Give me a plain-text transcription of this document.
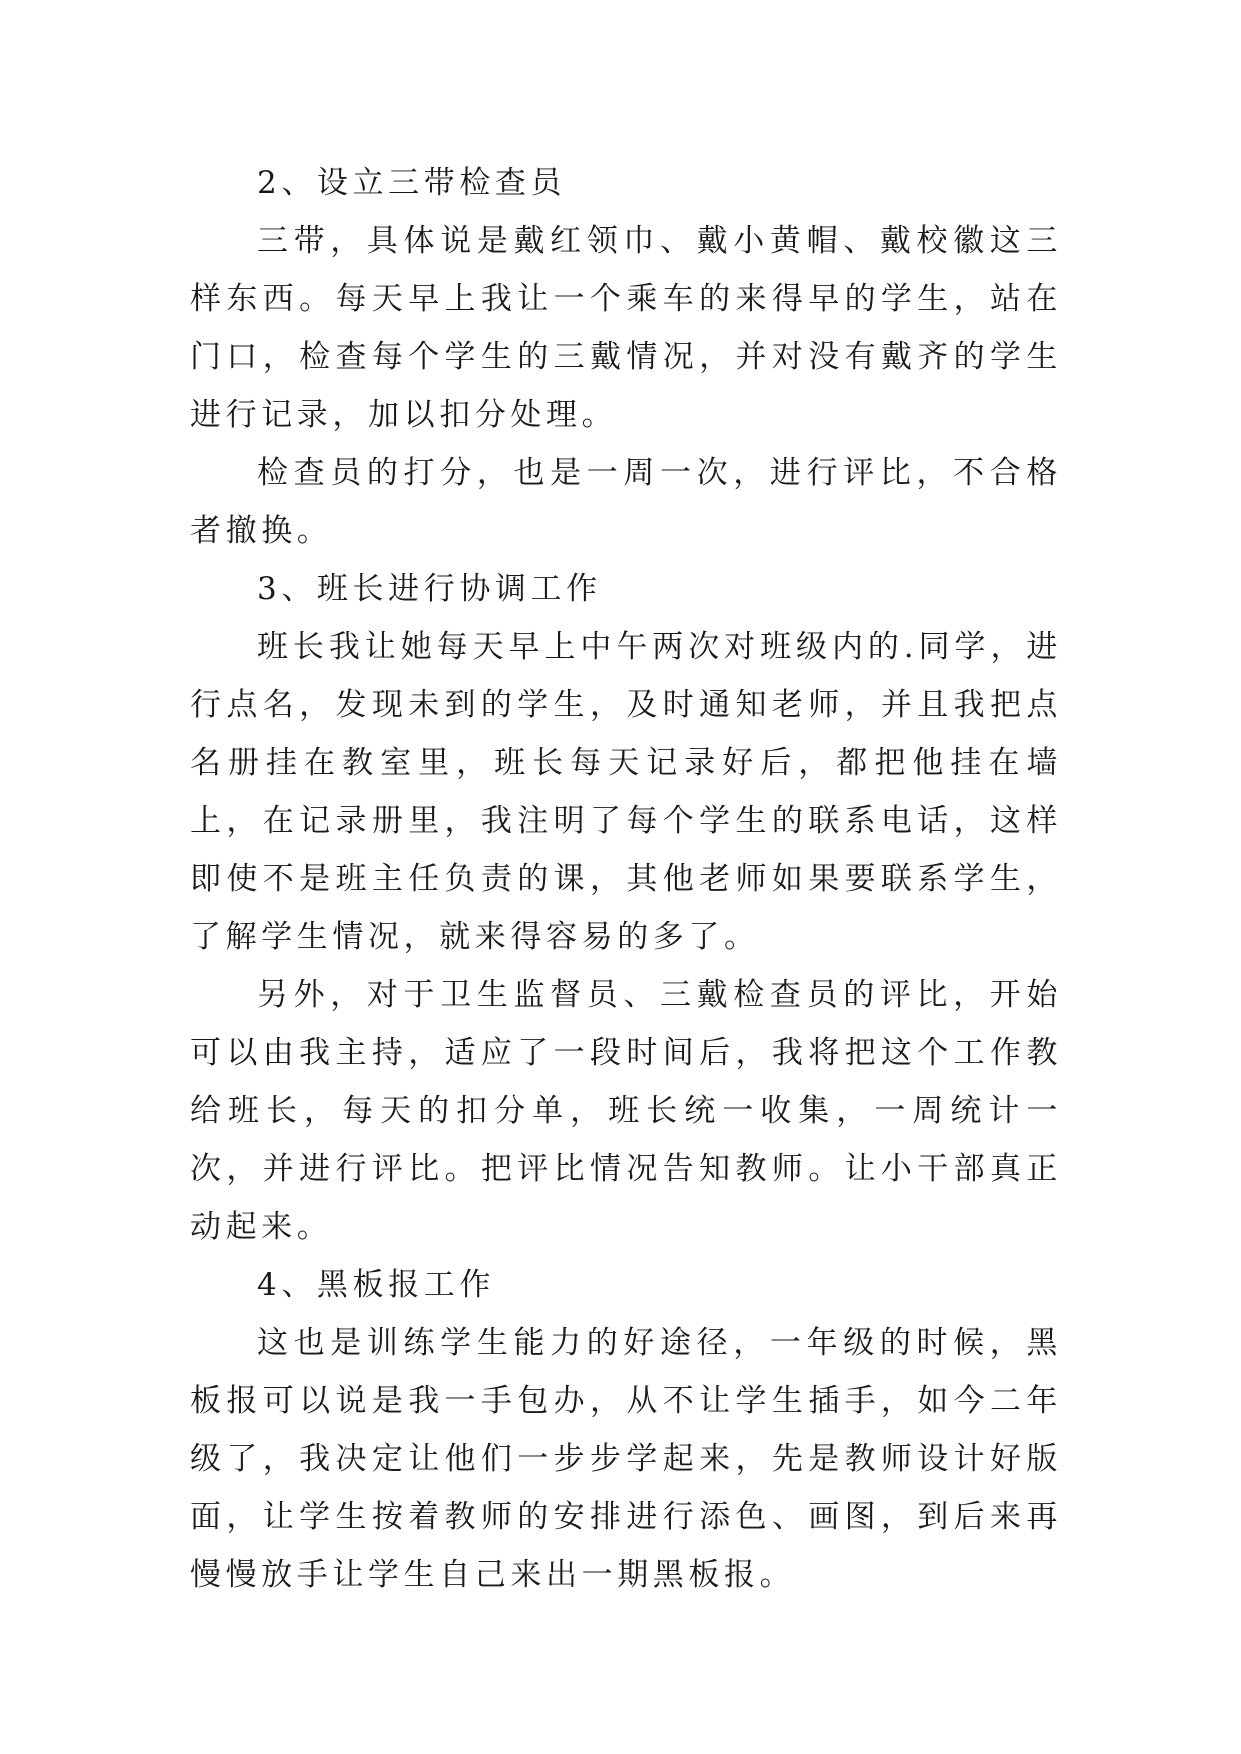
2、设立三带检查员

三带，具体说是戴红领巾、戴小黄帽、戴校徽这三样东西。每天早上我让一个乘车的来得早的学生，站在门口，检查每个学生的三戴情况，并对没有戴齐的学生进行记录，加以扣分处理。

检查员的打分，也是一周一次，进行评比，不合格者撤换。

3、班长进行协调工作

班长我让她每天早上中午两次对班级内的.同学，进行点名，发现未到的学生，及时通知老师，并且我把点名册挂在教室里，班长每天记录好后，都把他挂在墙上，在记录册里，我注明了每个学生的联系电话，这样即使不是班主任负责的课，其他老师如果要联系学生，了解学生情况，就来得容易的多了。

另外，对于卫生监督员、三戴检查员的评比，开始可以由我主持，适应了一段时间后，我将把这个工作教给班长，每天的扣分单，班长统一收集，一周统计一次，并进行评比。把评比情况告知教师。让小干部真正动起来。

4、黑板报工作

这也是训练学生能力的好途径，一年级的时候，黑板报可以说是我一手包办，从不让学生插手，如今二年级了，我决定让他们一步步学起来，先是教师设计好版面，让学生按着教师的安排进行添色、画图，到后来再慢慢放手让学生自己来出一期黑板报。
